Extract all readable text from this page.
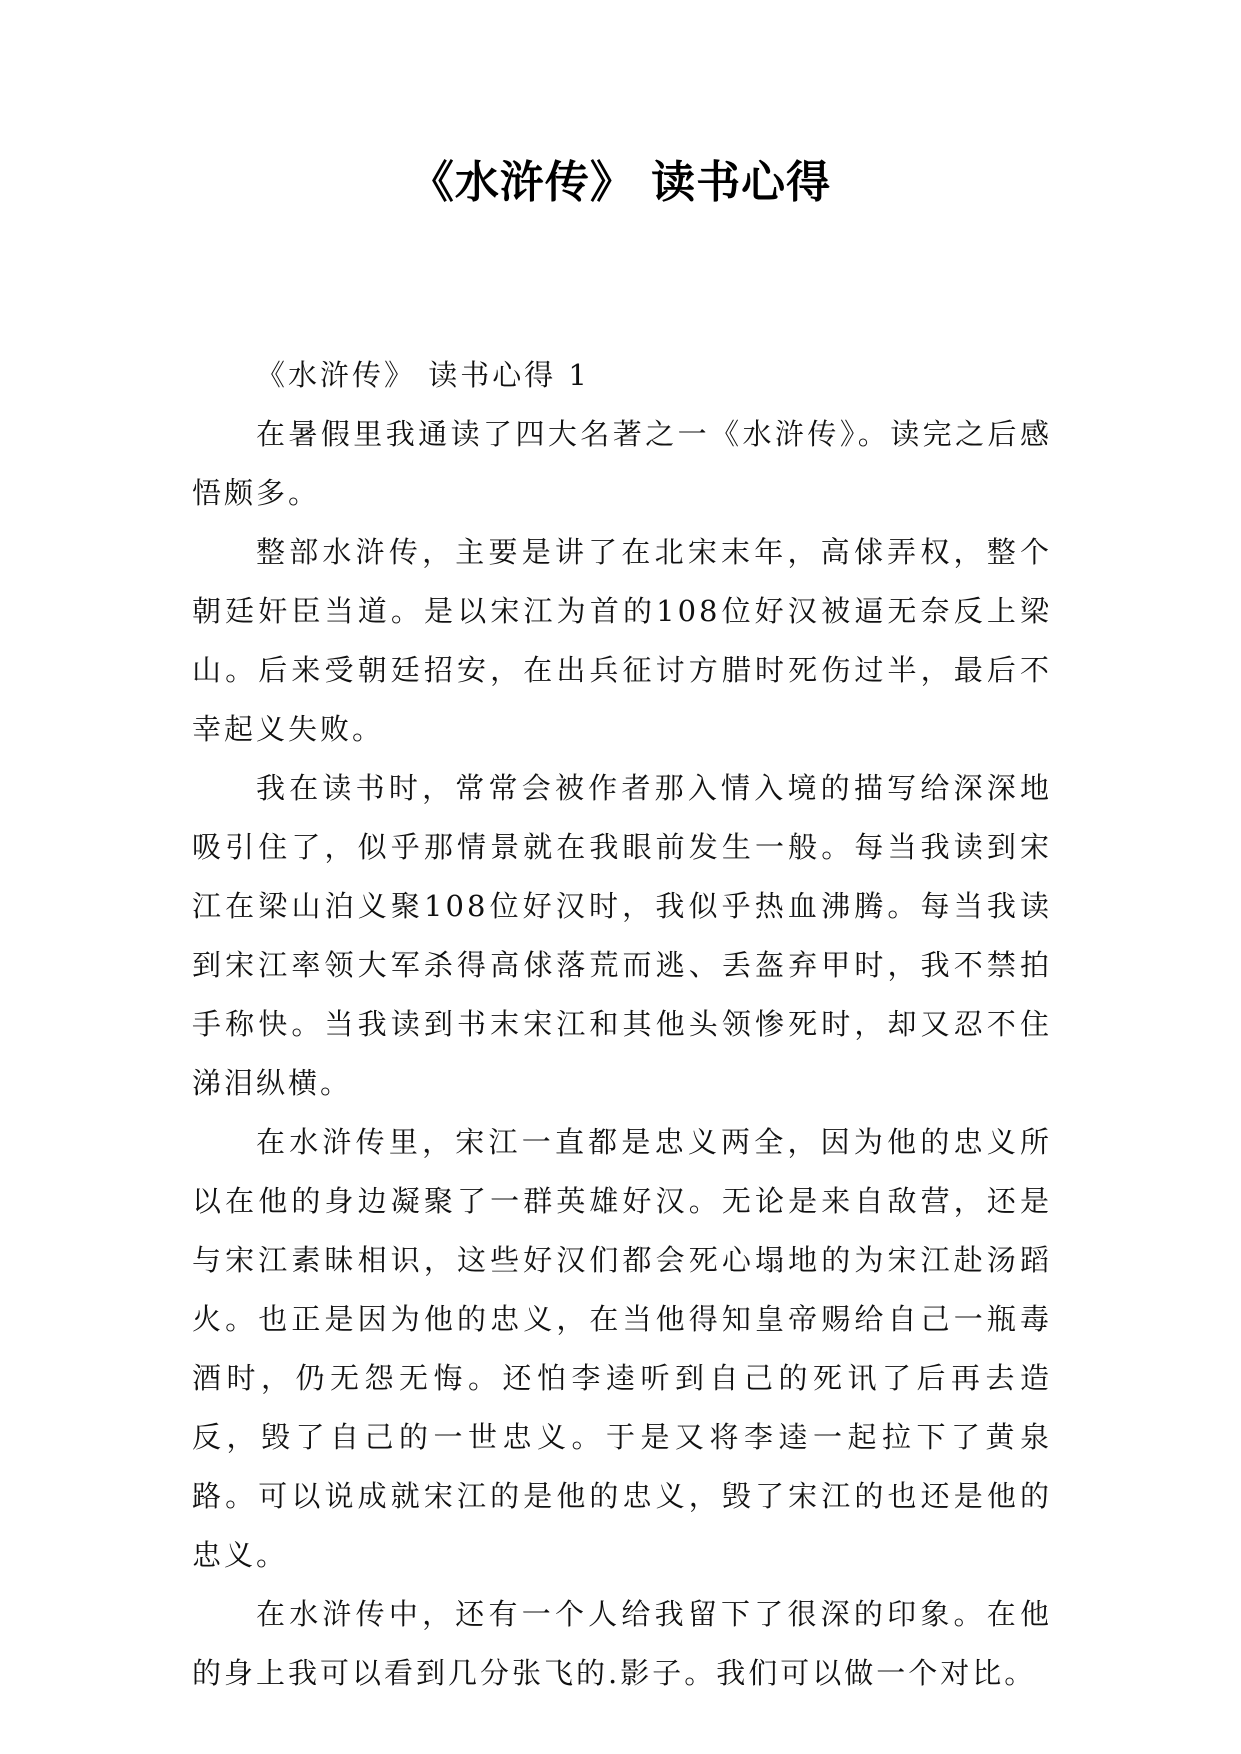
《水浒传》 读书心得

《水浒传》 读书心得 1

在暑假里我通读了四大名著之一《水浒传》。读完之后感悟颇多。

整部水浒传，主要是讲了在北宋末年，高俅弄权，整个朝廷奸臣当道。是以宋江为首的108位好汉被逼无奈反上梁山。后来受朝廷招安，在出兵征讨方腊时死伤过半，最后不幸起义失败。

我在读书时，常常会被作者那入情入境的描写给深深地吸引住了，似乎那情景就在我眼前发生一般。每当我读到宋江在梁山泊义聚108位好汉时，我似乎热血沸腾。每当我读到宋江率领大军杀得高俅落荒而逃、丢盔弃甲时，我不禁拍手称快。当我读到书末宋江和其他头领惨死时，却又忍不住涕泪纵横。

在水浒传里，宋江一直都是忠义两全，因为他的忠义所以在他的身边凝聚了一群英雄好汉。无论是来自敌营，还是与宋江素昧相识，这些好汉们都会死心塌地的为宋江赴汤蹈火。也正是因为他的忠义，在当他得知皇帝赐给自己一瓶毒酒时，仍无怨无悔。还怕李逵听到自己的死讯了后再去造反，毁了自己的一世忠义。于是又将李逵一起拉下了黄泉路。可以说成就宋江的是他的忠义，毁了宋江的也还是他的忠义。

在水浒传中，还有一个人给我留下了很深的印象。在他的身上我可以看到几分张飞的.影子。我们可以做一个对比。
